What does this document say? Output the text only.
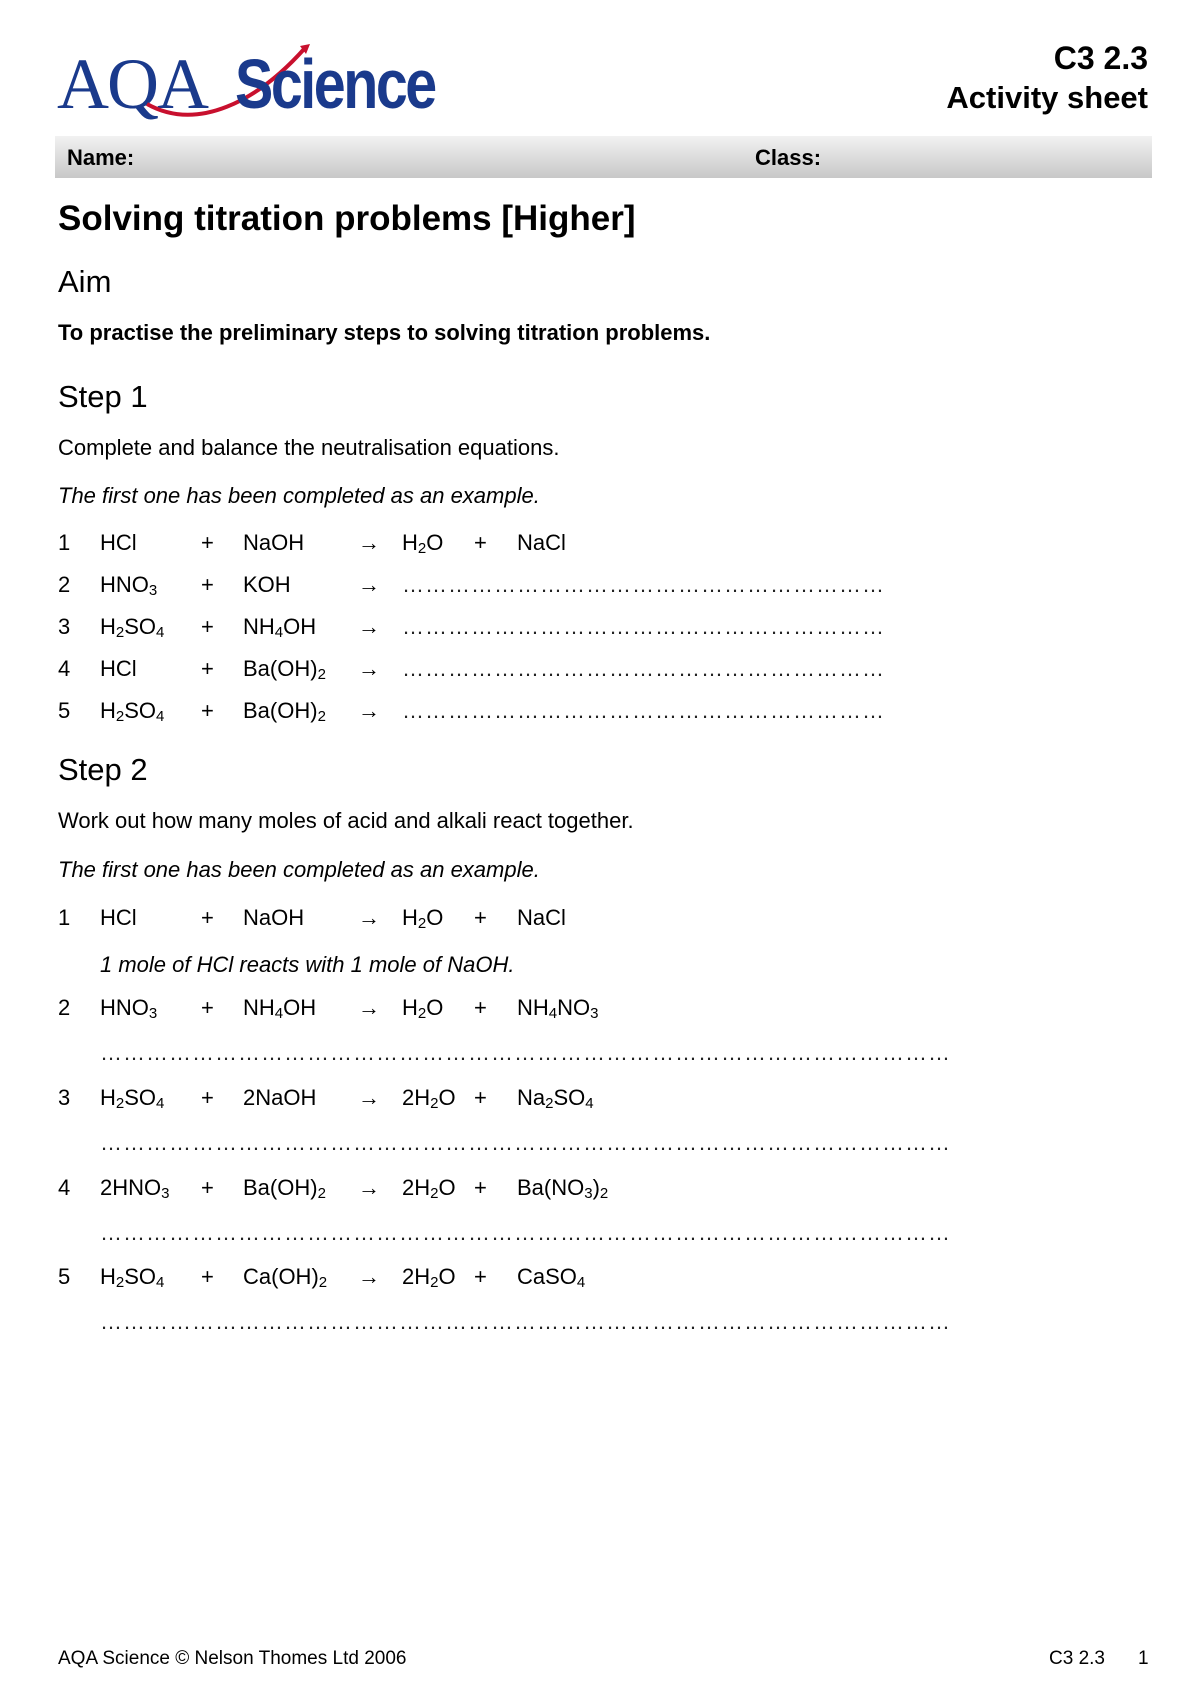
AQA Science	C3 2.3
Activity sheet
Name:	Class:
Solving titration problems [Higher]
Aim
To practise the preliminary steps to solving titration problems.
Step 1
Complete and balance the neutralisation equations.
The first one has been completed as an example.
1 HCl	+ NaOH → $H_2O$ + NaCl
2 $HNO_3$ + KOH	→ ………………………………………………………
3 $H_2SO_4 + NH_4OH$ → ………………………………………………………
4 HCl	+ $Ba(OH)_2$ → ………………………………………………………
5 $H_2SO_4 + Ba(OH)_2$ → ………………………………………………………
Step 2
Work out how many moles of acid and alkali react together.
The first one has been completed as an example.
1 HCl	+ NaOH → $H_2O$ + NaCl
2 $HNO_3 + NH_4OH \to H_2O + NH_4NO_3$
…………………………………………………………………………………………………
3 $H_2SO_4$ + 2NaOH → $2H_2O + Na_2SO_4$
…………………………………………………………………………………………………
4 $2HNO_3 + Ba(OH)_2 \to 2H_2O + Ba(NO_3)_2$
…………………………………………………………………………………………………
5 $H_2SO_4 + Ca(OH)_2 \to 2H_2O$ + CaSO$_4$
…………………………………………………………………………………………………
1 mole of HCl reacts with 1 mole of NaOH.
AQA Science © Nelson Thomes Ltd 2006	C3 2.3 1
